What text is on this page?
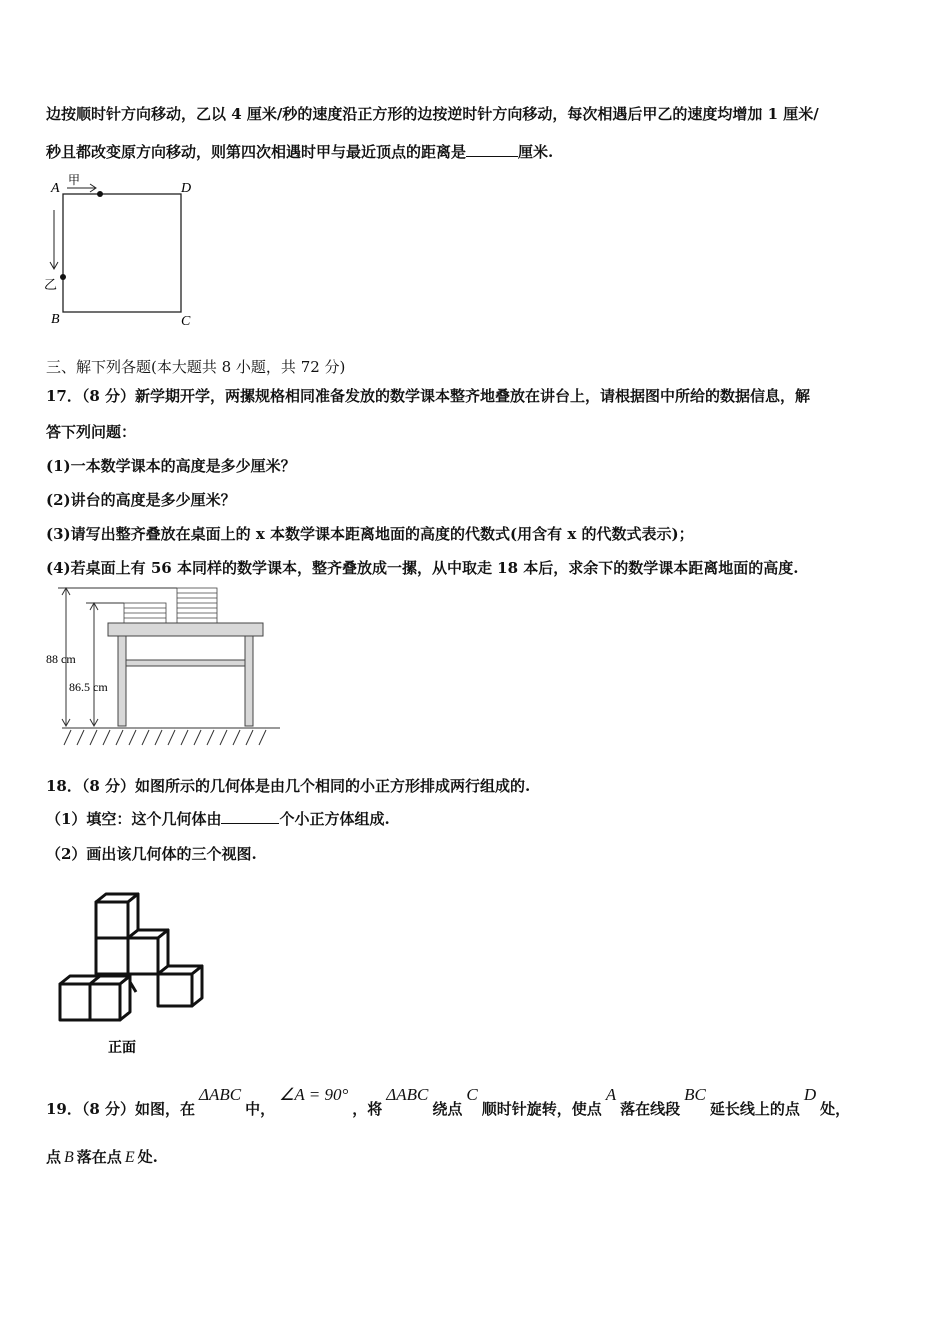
边按顺时针方向移动，乙以 4 厘米/秒的速度沿正方形的边按逆时针方向移动，每次相遇后甲乙的速度均增加 1 厘米/
秒且都改变原方向移动，则第四次相遇时甲与最近顶点的距离是	厘米.
A	D
B	C
甲
乙
三、解下列各题(本大题共 8 小题，共 72 分)
17．（8 分）新学期开学，两摞规格相同准备发放的数学课本整齐地叠放在讲台上，请根据图中所给的数据信息，解
答下列问题：
(1)一本数学课本的高度是多少厘米？
(2)讲台的高度是多少厘米？
(3)请写出整齐叠放在桌面上的 x 本数学课本距离地面的高度的代数式(用含有 x 的代数式表示)；
(4)若桌面上有 56 本同样的数学课本，整齐叠放成一摞，从中取走 18 本后，求余下的数学课本距离地面的高度.
88 cm
86.5 cm
18．（8 分）如图所示的几何体是由几个相同的小正方形排成两行组成的.
（1）填空：这个几何体由	个小正方体组成.
（2）画出该几何体的三个视图.
正面
19．（8 分）如图，在ΔABC中，∠A = 90°，将ΔABC绕点C顺时针旋转，使点A落在线段BC延长线上的点D处，
点 B 落在点 E 处.
